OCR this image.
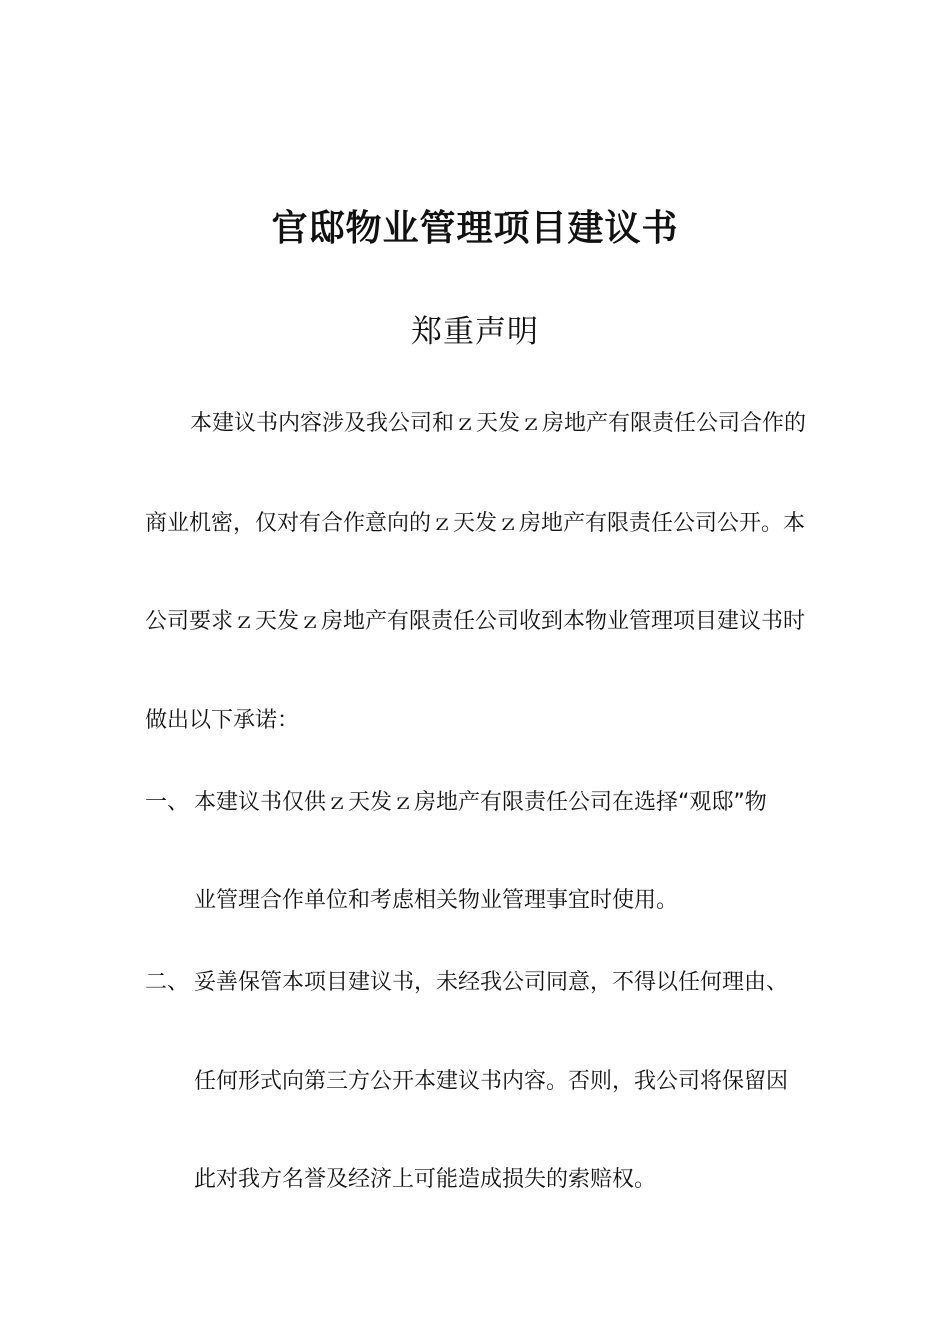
官邸物业管理项目建议书
郑重声明
本建议书内容涉及我公司和ｚ天发ｚ房地产有限责任公司合作的
商业机密，仅对有合作意向的ｚ天发ｚ房地产有限责任公司公开。本
公司要求ｚ天发ｚ房地产有限责任公司收到本物业管理项目建议书时
做出以下承诺：
一、 本建议书仅供ｚ天发ｚ房地产有限责任公司在选择“观邸”物
业管理合作单位和考虑相关物业管理事宜时使用。
二、 妥善保管本项目建议书，未经我公司同意，不得以任何理由、
任何形式向第三方公开本建议书内容。否则，我公司将保留因
此对我方名誉及经济上可能造成损失的索赔权。
